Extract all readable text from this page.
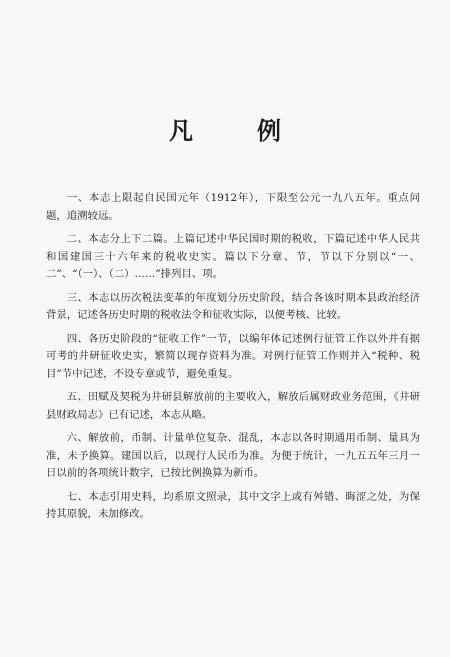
凡	例

一、本志上限起自民国元年（1912年），下限至公元一九八五年。重点问题，追溯较远。

二、本志分上下二篇。上篇记述中华民国时期的税收，下篇记述中华人民共和国建国三十六年来的税收史实。篇以下分章、节，节以下分别以“一、二”、“（一）、（二）……”排列目、项。

三、本志以历次税法变革的年度划分历史阶段，结合各该时期本县政治经济背景，记述各历史时期的税收法令和征收实际，以便考核、比较。

四、各历史阶段的“征收工作”一节，以编年体记述例行征管工作以外并有据可考的井研征收史实，繁简以现存资料为准。对例行征管工作则并入“税种、税目”节中记述，不设专章或节，避免重复。

五、田赋及契税为井研县解放前的主要收入，解放后属财政业务范围，《井研县财政局志》已有记述，本志从略。

六、解放前，币制、计量单位复杂、混乱，本志以各时期通用币制、量具为准，未予换算。建国以后，以现行人民币为准。为便于统计，一九五五年三月一日以前的各项统计数字，已按比例换算为新币。

七、本志引用史料，均系原文照录，其中文字上或有舛错、晦涩之处，为保持其原貌，未加修改。
